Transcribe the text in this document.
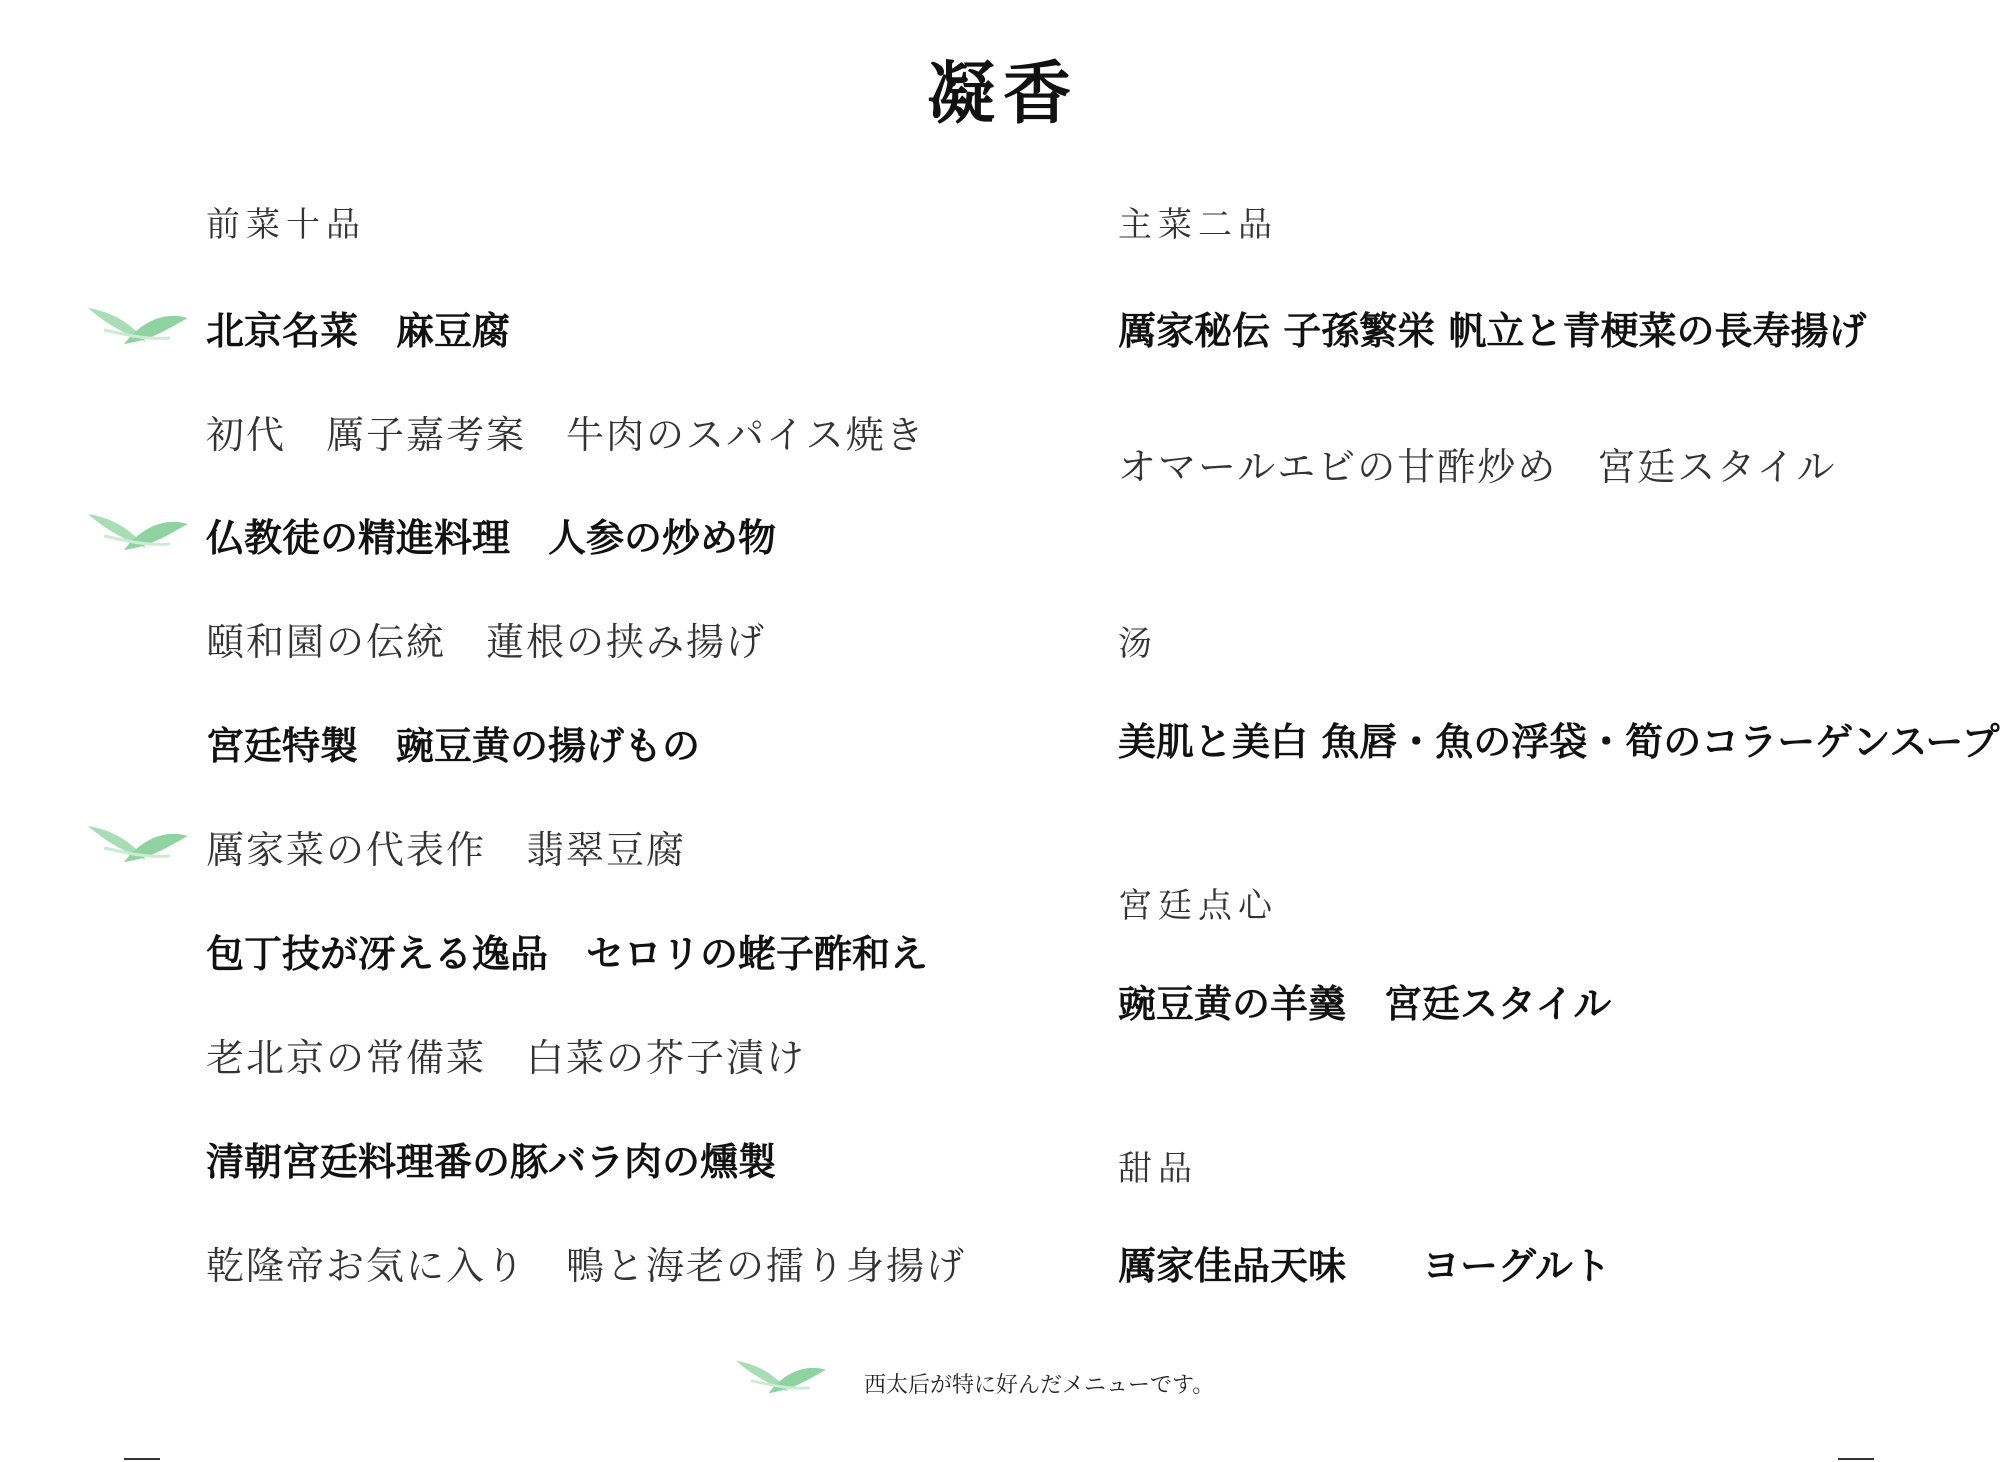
凝香
前菜十品
北京名菜　麻豆腐
初代　厲子嘉考案　牛肉のスパイス焼き
仏教徒の精進料理　人参の炒め物
頤和園の伝統　蓮根の挟み揚げ
宮廷特製　豌豆黄の揚げもの
厲家菜の代表作　翡翠豆腐
包丁技が冴える逸品　セロリの蛯子酢和え
老北京の常備菜　白菜の芥子漬け
清朝宮廷料理番の豚バラ肉の燻製
乾隆帝お気に入り　鴨と海老の擂り身揚げ
主菜二品
厲家秘伝 子孫繁栄 帆立と青梗菜の長寿揚げ
オマールエビの甘酢炒め　宮廷スタイル
汤
美肌と美白 魚唇・魚の浮袋・筍のコラーゲンスープ
宮廷点心
豌豆黄の羊羹　宮廷スタイル
甜品
厲家佳品天味　　ヨーグルト
西太后が特に好んだメニューです。
